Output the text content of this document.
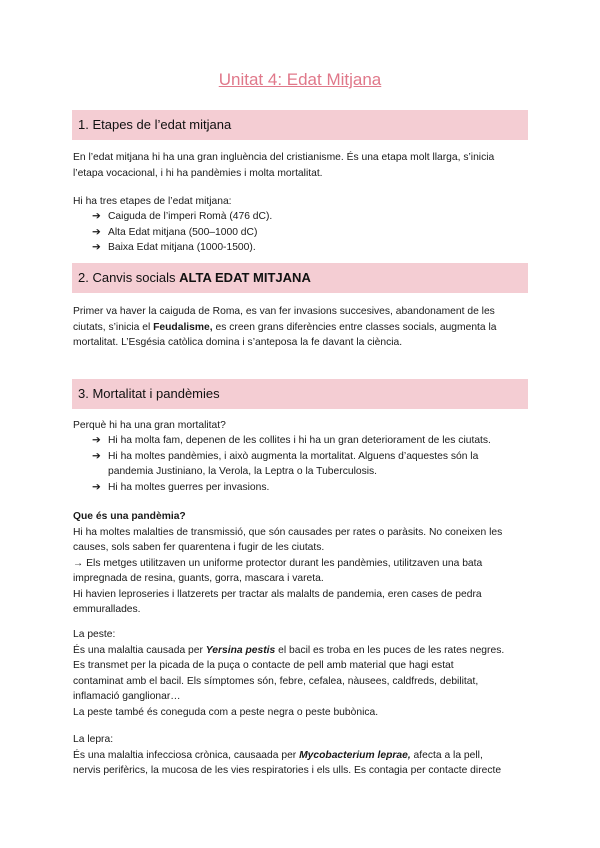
Unitat 4: Edat Mitjana
1. Etapes de l’edat mitjana

En l’edat mitjana hi ha una gran ingluència del cristianisme. És una etapa molt llarga, s’inicia

l’etapa vocacional, i hi ha pandèmies i molta mortalitat.

Hi ha tres etapes de l’edat mitjana:

➔ Caiguda de l’imperi Romà (476 dC).
➔ Alta Edat mitjana (500–1000 dC)
➔ Baixa Edat mitjana (1000-1500).
2. Canvis socials ALTA EDAT MITJANA

Primer va haver la caiguda de Roma, es van fer invasions succesives, abandonament de les

ciutats, s’inicia el Feudalisme, es creen grans diferències entre classes socials, augmenta la

mortalitat. L’Esgésia catòlica domina i s’anteposa la fe davant la ciència.

3. Mortalitat i pandèmies

Perquè hi ha una gran mortalitat?

➔ Hi ha molta fam, depenen de les collites i hi ha un gran deteriorament de les ciutats.
➔ Hi ha moltes pandèmies, i això augmenta la mortalitat. Alguens d’aquestes són la
pandemia Justiniano, la Verola, la Leptra o la Tuberculosis.
➔ Hi ha moltes guerres per invasions.

Que és una pandèmia?

Hi ha moltes malalties de transmissió, que són causades per rates o paràsits. No coneixen les

causes, sols saben fer quarentena i fugir de les ciutats.

→ Els metges utilitzaven un uniforme protector durant les pandèmies, utilitzaven una bata

impregnada de resina, guants, gorra, mascara i vareta.

Hi havien leproseries i llatzerets per tractar als malalts de pandemia, eren cases de pedra

emmurallades.

La peste:

És una malaltia causada per Yersina pestis el bacil es troba en les puces de les rates negres.

Es transmet per la picada de la puça o contacte de pell amb material que hagi estat

contaminat amb el bacil. Els símptomes són, febre, cefalea, nàusees, caldfreds, debilitat,

inflamació ganglionar…

La peste també és coneguda com a peste negra o peste bubònica.

La lepra:

És una malaltia infecciosa crònica, causaada per Mycobacterium leprae, afecta a la pell,

nervis perifèrics, la mucosa de les vies respiratories i els ulls. Es contagia per contacte directe
